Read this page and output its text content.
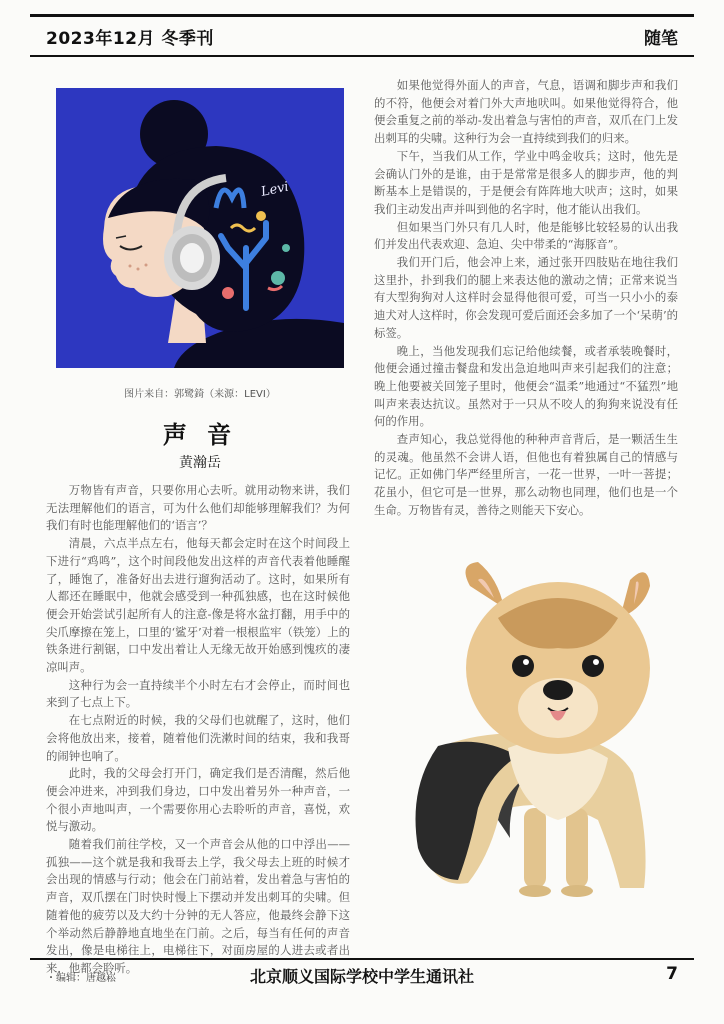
2023年12月 冬季刊	随笔
Levi
图片来自：郭鹭錡（来源：LEVI）
声 音
黄瀚岳

万物皆有声音，只要你用心去听。就用动物来讲，我们无法理解他们的语言，可为什么他们却能够理解我们？为何我们有时也能理解他们的‘语言’？

清晨，六点半点左右，他每天都会定时在这个时间段上下进行“鸡鸣”，这个时间段他发出这样的声音代表着他睡醒了，睡饱了，准备好出去进行遛狗活动了。这时，如果所有人都还在睡眠中，他就会感受到一种孤独感，也在这时候他便会开始尝试引起所有人的注意-像是将水盆打翻，用手中的尖爪摩擦在笼上，口里的‘鲨牙’对着一根根监牢（铁笼）上的铁条进行割锯，口中发出着让人无缘无故开始感到愧疚的凄凉叫声。

这种行为会一直持续半个小时左右才会停止，而时间也来到了七点上下。

在七点附近的时候，我的父母们也就醒了，这时，他们会将他放出来，接着，随着他们洗漱时间的结束，我和我哥的闹钟也响了。

此时，我的父母会打开门，确定我们是否清醒，然后他便会冲进来，冲到我们身边，口中发出着另外一种声音，一个很小声地叫声，一个需要你用心去聆听的声音，喜悦，欢悦与激动。

随着我们前往学校，又一个声音会从他的口中浮出——孤独——这个就是我和我哥去上学，我父母去上班的时候才会出现的情感与行动；他会在门前站着，发出着急与害怕的声音，双爪摆在门时快时慢上下摆动并发出刺耳的尖啸。但随着他的疲劳以及大约十分钟的无人答应，他最终会静下这个举动然后静静地直地坐在门前。之后，每当有任何的声音发出，像是电梯往上，电梯往下，对面房屋的人进去或者出来，他都会聆听。

如果他觉得外面人的声音，气息，语调和脚步声和我们的不符，他便会对着门外大声地吠叫。如果他觉得符合，他便会重复之前的举动-发出着急与害怕的声音，双爪在门上发出刺耳的尖啸。这种行为会一直持续到我们的归来。

下午，当我们从工作，学业中鸣金收兵；这时，他先是会确认门外的是谁，由于是常常是很多人的脚步声，他的判断基本上是错误的，于是便会有阵阵地大吠声；这时，如果我们主动发出声并叫到他的名字时，他才能认出我们。

但如果当门外只有几人时，他是能够比较轻易的认出我们并发出代表欢迎、急迫、尖中带柔的“海豚音”。

我们开门后，他会冲上来，通过张开四肢贴在地往我们这里扑，扑到我们的腿上来表达他的激动之情；正常来说当有大型狗狗对人这样时会显得他很可爱，可当一只小小的泰迪犬对人这样时，你会发现可爱后面还会多加了一个‘呆萌’的标签。

晚上，当他发现我们忘记给他续餐，或者承装晚餐时，他便会通过撞击餐盘和发出急迫地叫声来引起我们的注意；晚上他要被关回笼子里时，他便会“温柔”地通过“不猛烈”地叫声来表达抗议。虽然对于一只从不咬人的狗狗来说没有任何的作用。

查声知心，我总觉得他的种种声音背后，是一颗活生生的灵魂。他虽然不会讲人语，但他也有着独属自己的情感与记忆。正如佛门华严经里所言，一花一世界，一叶一菩提；花虽小，但它可是一世界，那么动物也同理，他们也是一个生命。万物皆有灵，善待之则能天下安心。

・编辑：唐越崧	北京顺义国际学校中学生通讯社	7
